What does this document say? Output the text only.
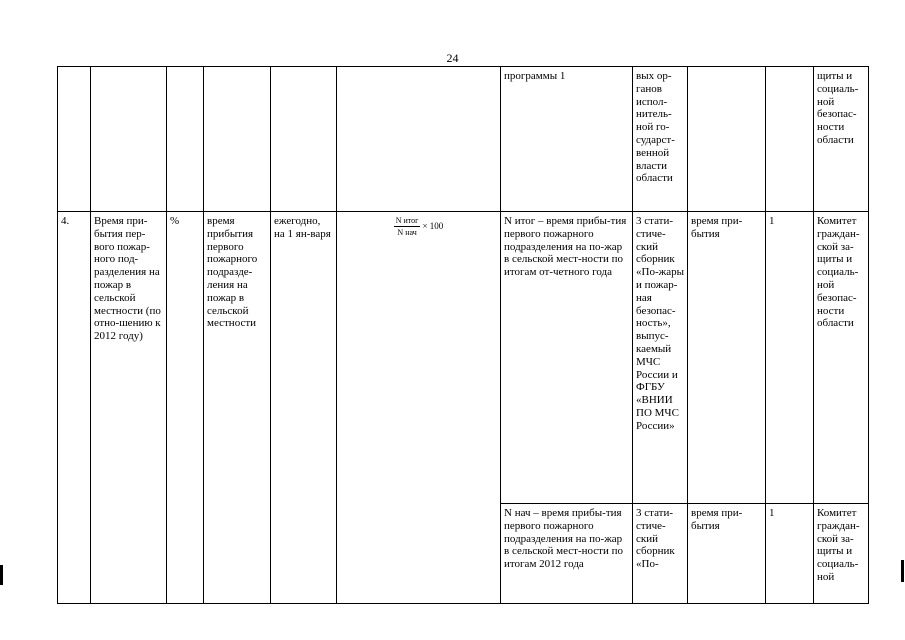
24
						программы 1	вых ор-ганов испол-нитель-ной го-сударст-венной власти области			щиты и социаль-ной безопас-ности области
4.	Время при-бытия пер-вого пожар-ного под-разделения на пожар в сельской местности (по отно-шению к 2012 году)	%	время прибытия первого пожарного подразде-ления на пожар в сельской местности	ежегодно, на 1 ян-варя	$\frac{\text{N итог}}{\text{N нач}} \times 100$	N итог – время прибы-тия первого пожарного подразделения на по-жар в сельской мест-ности по итогам от-четного года	3 стати-стиче-ский сборник «По-жары и пожар-ная безопас-ность», выпус-каемый МЧС России и ФГБУ «ВНИИ ПО МЧС России»	время при-бытия	1	Комитет граждан-ской за-щиты и социаль-ной безопас-ности области
						N нач – время прибы-тия первого пожарного подразделения на по-жар в сельской мест-ности по итогам 2012 года	3 стати-стиче-ский сборник «По-	время при-бытия	1	Комитет граждан-ской за-щиты и социаль-ной
